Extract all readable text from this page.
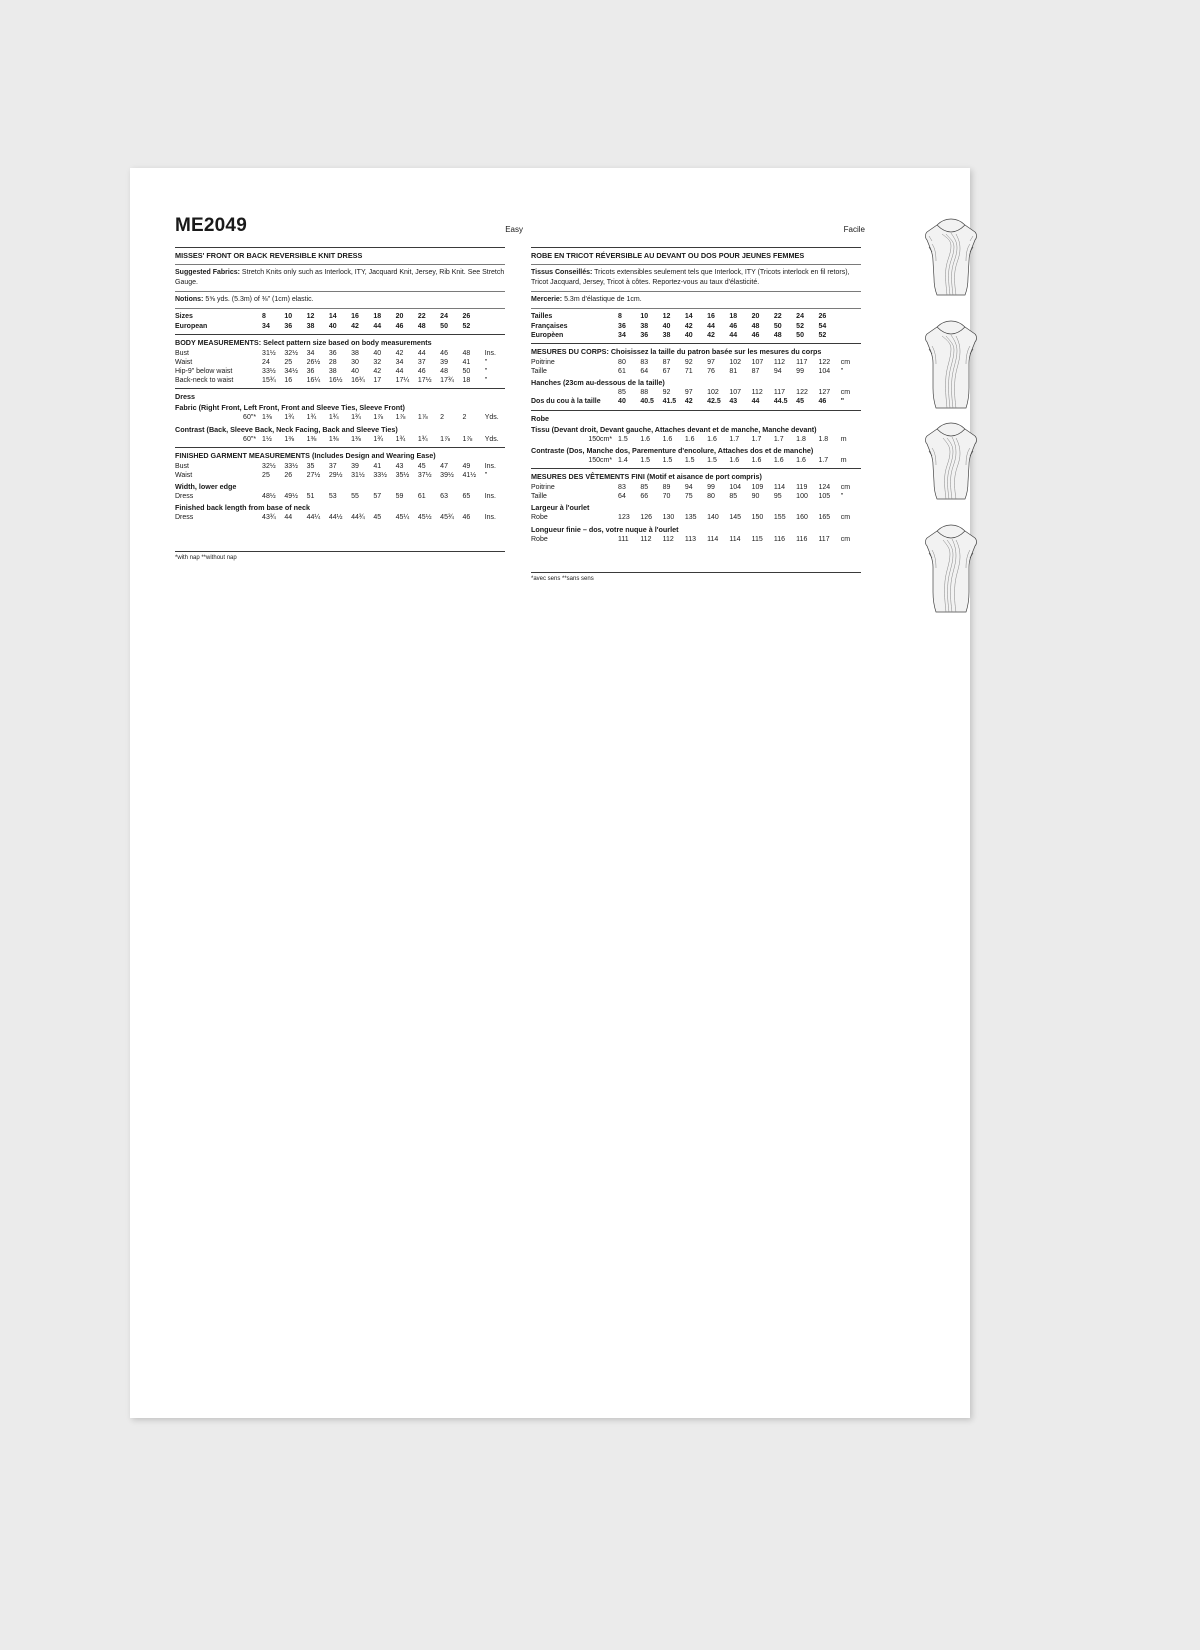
ME2049	Easy	Facile
MISSES' FRONT OR BACK REVERSIBLE KNIT DRESS
Suggested Fabrics: Stretch Knits only such as Interlock, ITY, Jacquard Knit, Jersey, Rib Knit. See Stretch Gauge.
Notions: 5⅝ yds. (5.3m) of ⅜" (1cm) elastic.
Sizes	8	10	12	14	16	18	20	22	24	26	
European	34	36	38	40	42	44	46	48	50	52	
BODY MEASUREMENTS: Select pattern size based on body measurements
Bust	31½	32½	34	36	38	40	42	44	46	48	Ins.
Waist	24	25	26½	28	30	32	34	37	39	41	"
Hip-9" below waist	33½	34½	36	38	40	42	44	46	48	50	"
Back-neck to waist	15¾	16	16¼	16½	16¾	17	17¼	17½	17¾	18	"
Dress
Fabric (Right Front, Left Front, Front and Sleeve Ties, Sleeve Front)
60"*	1⅜	1¾	1¾	1¾	1¾	1⅞	1⅞	1⅞	2	2	Yds.
Contrast (Back, Sleeve Back, Neck Facing, Back and Sleeve Ties)
60"*	1½	1⅜	1⅜	1⅜	1⅜	1¾	1¾	1¾	1⅞	1⅞	Yds.
FINISHED GARMENT MEASUREMENTS (Includes Design and Wearing Ease)
Bust	32½	33½	35	37	39	41	43	45	47	49	Ins.
Waist	25	26	27½	29½	31½	33½	35½	37½	39½	41½	"
Width, lower edge
Dress	48½	49½	51	53	55	57	59	61	63	65	Ins.
Finished back length from base of neck
Dress	43¾	44	44¼	44½	44¾	45	45¼	45½	45¾	46	Ins.
*with nap **without nap
ROBE EN TRICOT RÉVERSIBLE AU DEVANT OU DOS POUR JEUNES FEMMES
Tissus Conseillés: Tricots extensibles seulement tels que Interlock, ITY (Tricots interlock en fil retors), Tricot Jacquard, Jersey, Tricot à côtes. Reportez-vous au taux d'élasticité.
Mercerie: 5.3m d'élastique de 1cm.
Tailles	8	10	12	14	16	18	20	22	24	26	
Françaises	36	38	40	42	44	46	48	50	52	54	
Europèen	34	36	38	40	42	44	46	48	50	52	
MESURES DU CORPS: Choisissez la taille du patron basée sur les mesures du corps
Poitrine	80	83	87	92	97	102	107	112	117	122	cm
Taille	61	64	67	71	76	81	87	94	99	104	"
Hanches (23cm au-dessous de la taille)
	85	88	92	97	102	107	112	117	122	127	cm
Dos du cou à la taille	40	40.5	41.5	42	42.5	43	44	44.5	45	46	"
Robe
Tissu (Devant droit, Devant gauche, Attaches devant et de manche, Manche devant)
150cm*	1.5	1.6	1.6	1.6	1.6	1.7	1.7	1.7	1.8	1.8	m
Contraste (Dos, Manche dos, Parementure d'encolure, Attaches dos et de manche)
150cm*	1.4	1.5	1.5	1.5	1.5	1.6	1.6	1.6	1.6	1.7	m
MESURES DES VÊTEMENTS FINI (Motif et aisance de port compris)
Poitrine	83	85	89	94	99	104	109	114	119	124	cm
Taille	64	66	70	75	80	85	90	95	100	105	"
Largeur à l'ourlet
Robe	123	126	130	135	140	145	150	155	160	165	cm
Longueur finie – dos, votre nuque à l'ourlet
Robe	111	112	112	113	114	114	115	116	116	117	cm
*avec sens **sans sens
